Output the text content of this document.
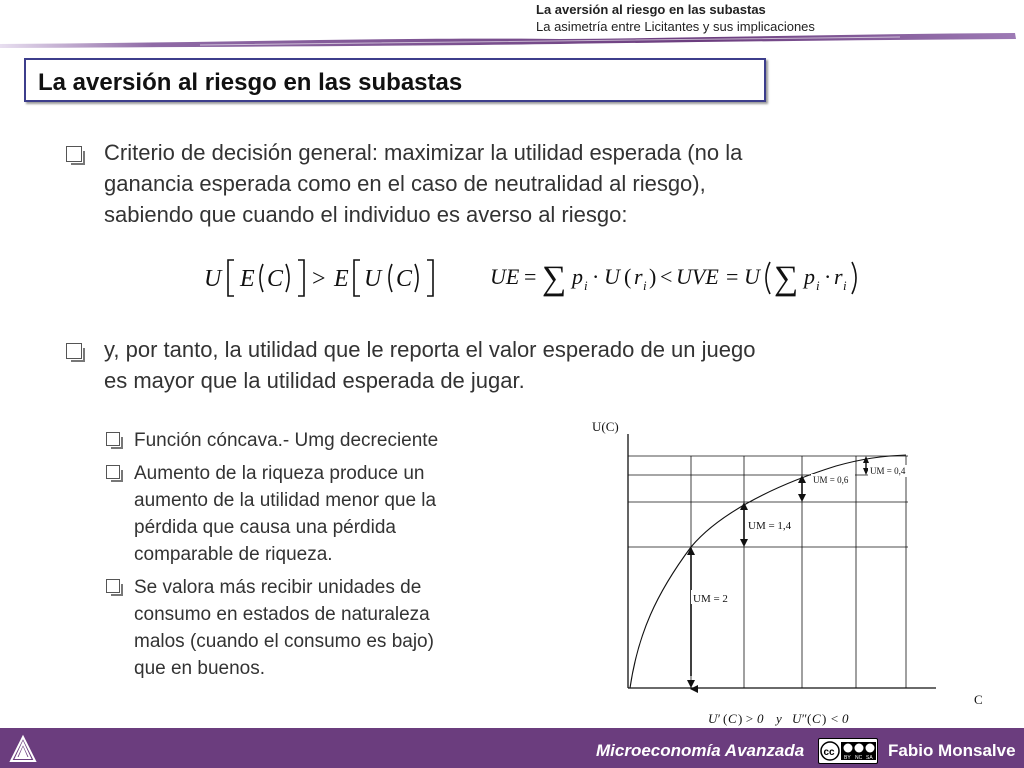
La aversión al riesgo en las subastas
La asimetría entre Licitantes y sus implicaciones
La aversión al riesgo en las subastas
Criterio de decisión general: maximizar la utilidad esperada (no la
ganancia esperada como en el caso de neutralidad al riesgo),
sabiendo que cuando el individuo es averso al riesgo:
U E C > E U C	UE = ∑ p i · U ( r i ) < UVE = U ∑ p i · r i
y, por tanto, la utilidad que le reporta el valor esperado de un juego
es mayor que la utilidad esperada de jugar.
Función cóncava.- Umg decreciente
Aumento de la riqueza produce un
aumento de la utilidad menor que la
pérdida que causa una pérdida
comparable de riqueza.
Se valora más recibir unidades de
consumo en estados de naturaleza
malos (cuando el consumo es bajo)
que en buenos.
U(C)
C
UM = 2
UM = 1,4
UM = 0,6
UM = 0,4
U ′ ( C ) > 0 y U ″ ( C ) < 0
Microeconomía Avanzada cc BY NC SA Fabio Monsalve
